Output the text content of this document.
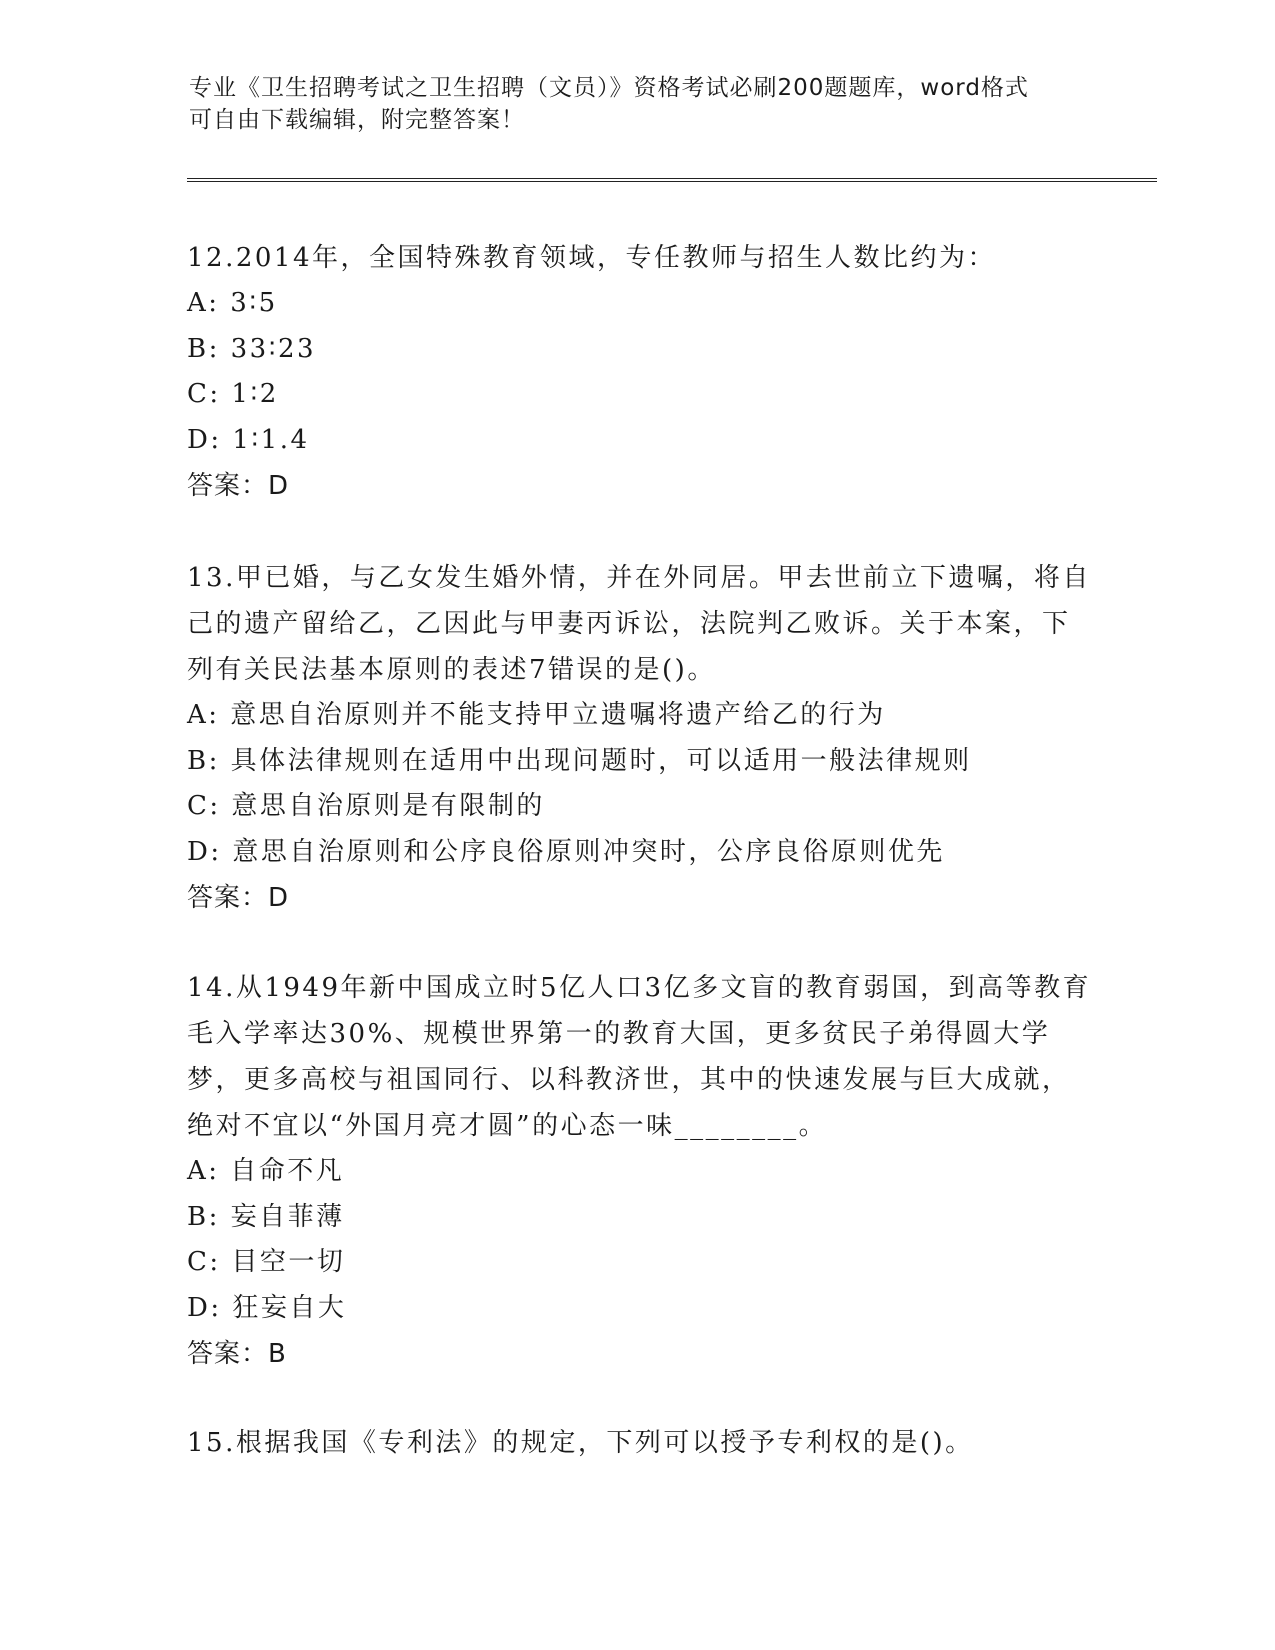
专业《卫生招聘考试之卫生招聘（文员）》资格考试必刷200题题库，word格式
可自由下载编辑，附完整答案！
12.2014年，全国特殊教育领域，专任教师与招生人数比约为：
A: 3∶5
B: 33∶23
C: 1∶2
D: 1∶1.4
答案：D
13.甲已婚，与乙女发生婚外情，并在外同居。甲去世前立下遗嘱，将自己的遗产留给乙，乙因此与甲妻丙诉讼，法院判乙败诉。关于本案，下列有关民法基本原则的表述7错误的是()。
A: 意思自治原则并不能支持甲立遗嘱将遗产给乙的行为
B: 具体法律规则在适用中出现问题时，可以适用一般法律规则
C: 意思自治原则是有限制的
D: 意思自治原则和公序良俗原则冲突时，公序良俗原则优先
答案：D
14.从1949年新中国成立时5亿人口3亿多文盲的教育弱国，到高等教育毛入学率达30%、规模世界第一的教育大国，更多贫民子弟得圆大学梦，更多高校与祖国同行、以科教济世，其中的快速发展与巨大成就，绝对不宜以“外国月亮才圆”的心态一味________。
A: 自命不凡
B: 妄自菲薄
C: 目空一切
D: 狂妄自大
答案：B
15.根据我国《专利法》的规定，下列可以授予专利权的是()。
